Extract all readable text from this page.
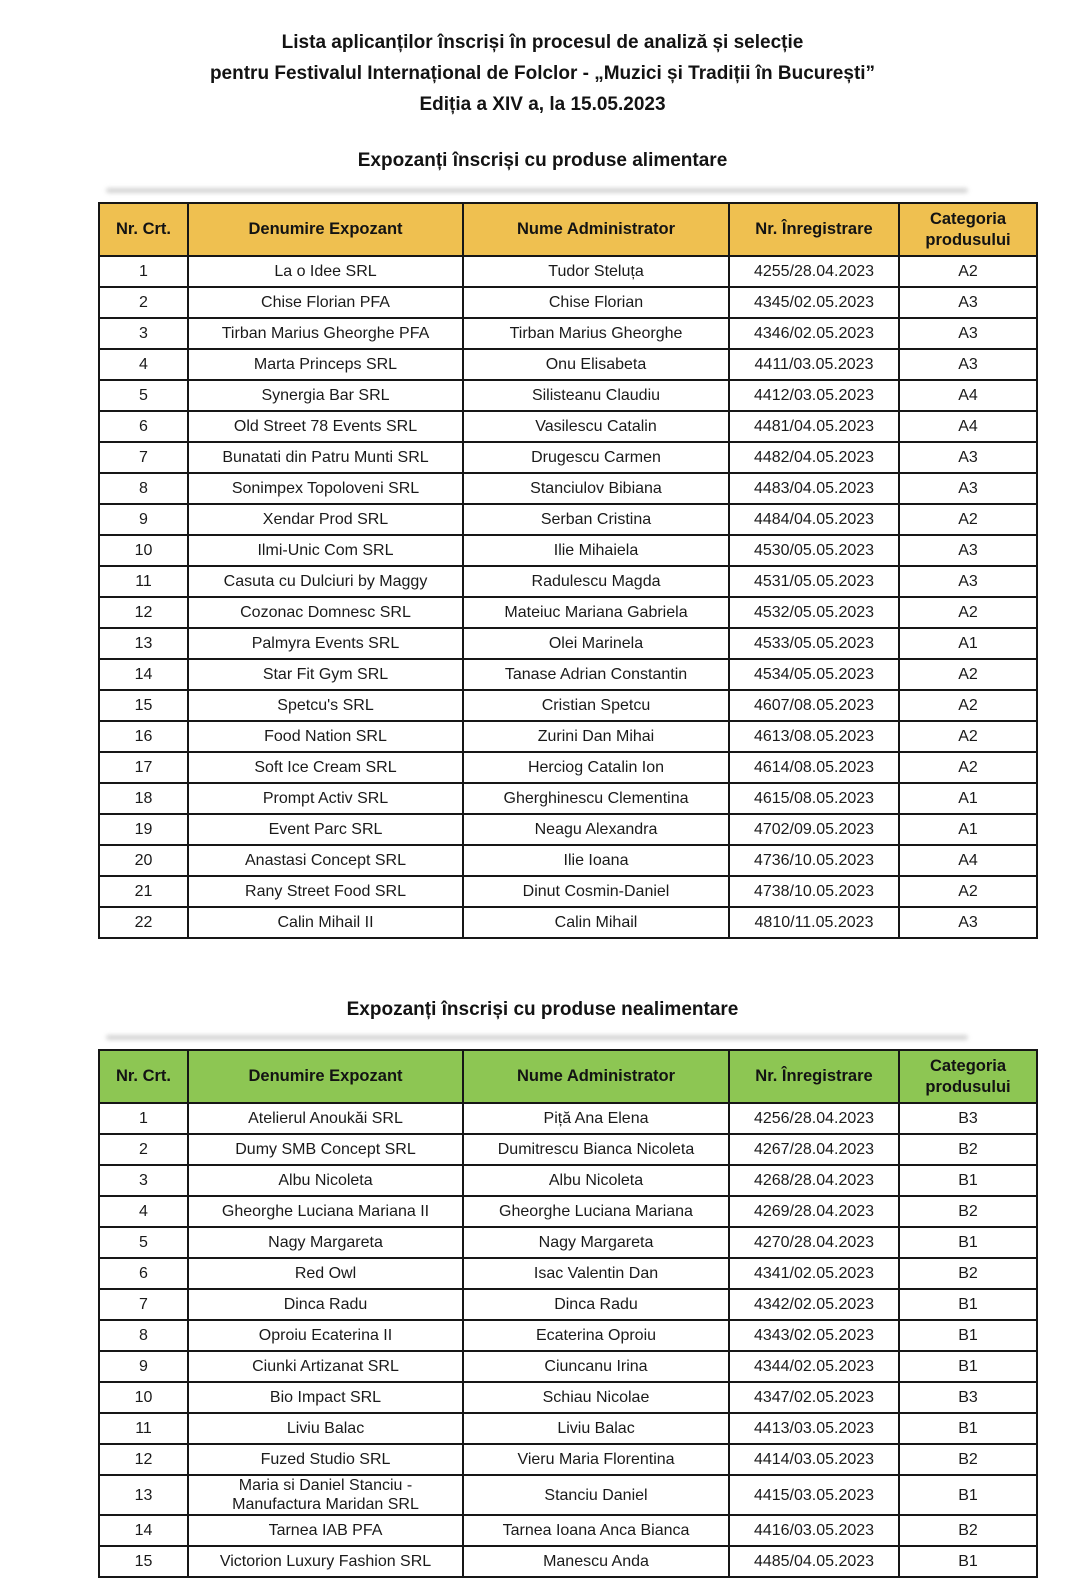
Lista aplicanților înscriși în procesul de analiză și selecție
pentru Festivalul Internațional de Folclor - „Muzici și Tradiții în București”
Ediția a XIV a, la 15.05.2023
Expozanți înscriși cu produse alimentare
Nr. Crt.	Denumire Expozant	Nume Administrator	Nr. Înregistrare	Categoria produsului
1	La o Idee SRL	Tudor Steluța	4255/28.04.2023	A2
2	Chise Florian PFA	Chise Florian	4345/02.05.2023	A3
3	Tirban Marius Gheorghe PFA	Tirban Marius Gheorghe	4346/02.05.2023	A3
4	Marta Princeps SRL	Onu Elisabeta	4411/03.05.2023	A3
5	Synergia Bar SRL	Silisteanu Claudiu	4412/03.05.2023	A4
6	Old Street 78 Events SRL	Vasilescu Catalin	4481/04.05.2023	A4
7	Bunatati din Patru Munti SRL	Drugescu Carmen	4482/04.05.2023	A3
8	Sonimpex Topoloveni SRL	Stanciulov Bibiana	4483/04.05.2023	A3
9	Xendar Prod SRL	Serban Cristina	4484/04.05.2023	A2
10	Ilmi-Unic Com SRL	Ilie Mihaiela	4530/05.05.2023	A3
11	Casuta cu Dulciuri by Maggy	Radulescu Magda	4531/05.05.2023	A3
12	Cozonac Domnesc SRL	Mateiuc Mariana Gabriela	4532/05.05.2023	A2
13	Palmyra Events SRL	Olei Marinela	4533/05.05.2023	A1
14	Star Fit Gym SRL	Tanase Adrian Constantin	4534/05.05.2023	A2
15	Spetcu's SRL	Cristian Spetcu	4607/08.05.2023	A2
16	Food Nation SRL	Zurini Dan Mihai	4613/08.05.2023	A2
17	Soft Ice Cream SRL	Herciog Catalin Ion	4614/08.05.2023	A2
18	Prompt Activ SRL	Gherghinescu Clementina	4615/08.05.2023	A1
19	Event Parc SRL	Neagu Alexandra	4702/09.05.2023	A1
20	Anastasi Concept SRL	Ilie Ioana	4736/10.05.2023	A4
21	Rany Street Food SRL	Dinut Cosmin-Daniel	4738/10.05.2023	A2
22	Calin Mihail II	Calin Mihail	4810/11.05.2023	A3
Expozanți înscriși cu produse nealimentare
Nr. Crt.	Denumire Expozant	Nume Administrator	Nr. Înregistrare	Categoria produsului
1	Atelierul Anoukăi SRL	Piță Ana Elena	4256/28.04.2023	B3
2	Dumy SMB Concept SRL	Dumitrescu Bianca Nicoleta	4267/28.04.2023	B2
3	Albu Nicoleta	Albu Nicoleta	4268/28.04.2023	B1
4	Gheorghe Luciana Mariana II	Gheorghe Luciana Mariana	4269/28.04.2023	B2
5	Nagy Margareta	Nagy Margareta	4270/28.04.2023	B1
6	Red Owl	Isac Valentin Dan	4341/02.05.2023	B2
7	Dinca Radu	Dinca Radu	4342/02.05.2023	B1
8	Oproiu Ecaterina II	Ecaterina Oproiu	4343/02.05.2023	B1
9	Ciunki Artizanat SRL	Ciuncanu Irina	4344/02.05.2023	B1
10	Bio Impact SRL	Schiau Nicolae	4347/02.05.2023	B3
11	Liviu Balac	Liviu Balac	4413/03.05.2023	B1
12	Fuzed Studio SRL	Vieru Maria Florentina	4414/03.05.2023	B2
13	Maria si Daniel Stanciu - Manufactura Maridan SRL	Stanciu Daniel	4415/03.05.2023	B1
14	Tarnea IAB PFA	Tarnea Ioana Anca Bianca	4416/03.05.2023	B2
15	Victorion Luxury Fashion SRL	Manescu Anda	4485/04.05.2023	B1
